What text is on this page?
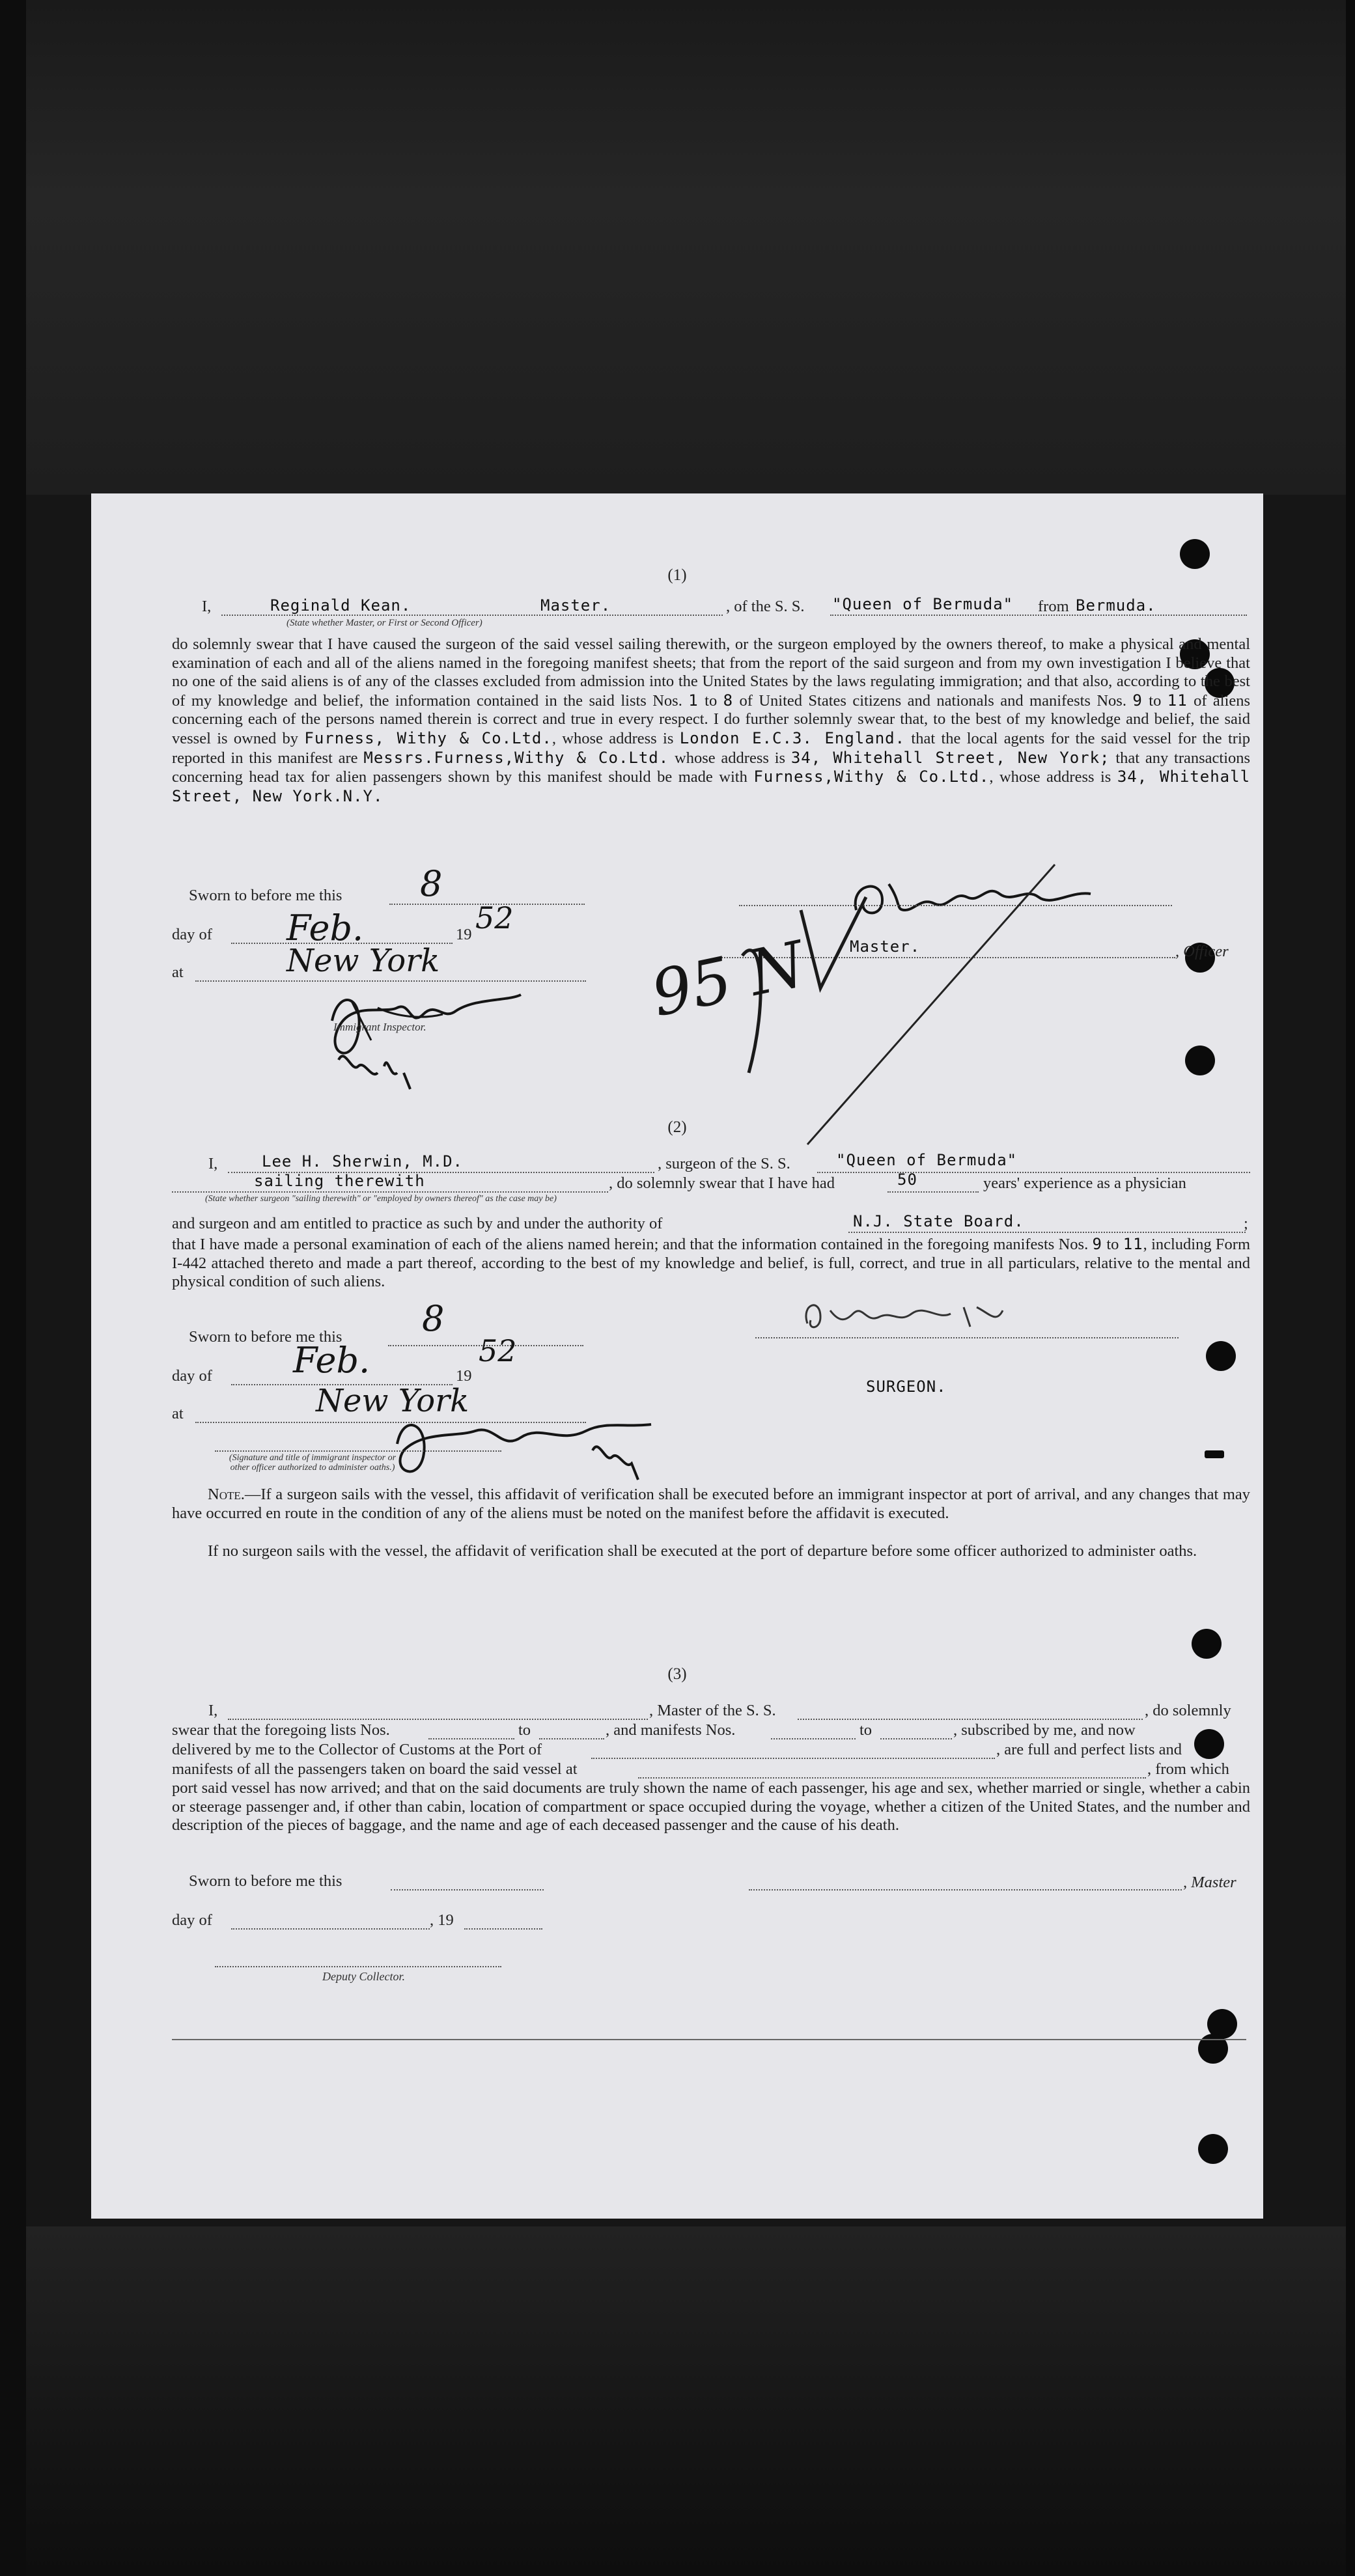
(1)
I,	Reginald Kean.	Master.
(State whether Master, or First or Second Officer)
, of the S. S. "Queen of Bermuda" from Bermuda.
do solemnly swear that I have caused the surgeon of the said vessel sailing therewith, or the surgeon employed by the owners thereof, to make a physical and mental examination of each and all of the aliens named in the foregoing manifest sheets; that from the report of the said surgeon and from my own investigation I believe that no one of the said aliens is of any of the classes excluded from admission into the United States by the laws regulating immigration; and that also, according to the best of my knowledge and belief, the information contained in the said lists Nos. 1 to 8 of United States citizens and nationals and manifests Nos. 9 to 11 of aliens concerning each of the persons named therein is correct and true in every respect. I do further solemnly swear that, to the best of my knowledge and belief, the said vessel is owned by Furness, Withy & Co.Ltd., whose address is London E.C.3. England. that the local agents for the said vessel for the trip reported in this manifest are Messrs.Furness,Withy & Co.Ltd. whose address is 34, Whitehall Street, New York; that any transactions concerning head tax for alien passengers shown by this manifest should be made with Furness,Withy & Co.Ltd., whose address is 34, Whitehall Street, New York.N.Y.
Sworn to before me this 8
day of Feb.	19 52
at	New York
Immigrant Inspector.
Master.	, Officer
95 N
(2)
I,	Lee H. Sherwin, M.D.	, surgeon of the S. S.	"Queen of Bermuda"
sailing therewith	, do solemnly swear that I have had	50	years' experience as a physician
(State whether surgeon "sailing therewith" or "employed by owners thereof" as the case may be)
and surgeon and am entitled to practice as such by and under the authority of	N.J. State Board.	;
that I have made a personal examination of each of the aliens named herein; and that the information contained in the foregoing manifests Nos. 9 to 11, including Form I-442 attached thereto and made a part thereof, according to the best of my knowledge and belief, is full, correct, and true in all particulars, relative to the mental and physical condition of such aliens.
Sworn to before me this 8
day of Feb.	19
52
at	New York
(Signature and title of immigrant inspector or other officer authorized to administer oaths.)
SURGEON.
Note.—If a surgeon sails with the vessel, this affidavit of verification shall be executed before an immigrant inspector at port of arrival, and any changes that may have occurred en route in the condition of any of the aliens must be noted on the manifest before the affidavit is executed.
If no surgeon sails with the vessel, the affidavit of verification shall be executed at the port of departure before some officer authorized to administer oaths.
(3)
I,	, Master of the S. S.	, do solemnly
swear that the foregoing lists Nos.	to	, and manifests Nos.	to	, subscribed by me, and now
delivered by me to the Collector of Customs at the Port of	, are full and perfect lists and
manifests of all the passengers taken on board the said vessel at	, from which
port said vessel has now arrived; and that on the said documents are truly shown the name of each passenger, his age and sex, whether married or single, whether a cabin or steerage passenger and, if other than cabin, location of compartment or space occupied during the voyage, whether a citizen of the United States, and the number and description of the pieces of baggage, and the name and age of each deceased passenger and the cause of his death.
Sworn to before me this	, Master
day of	, 19
Deputy Collector.
